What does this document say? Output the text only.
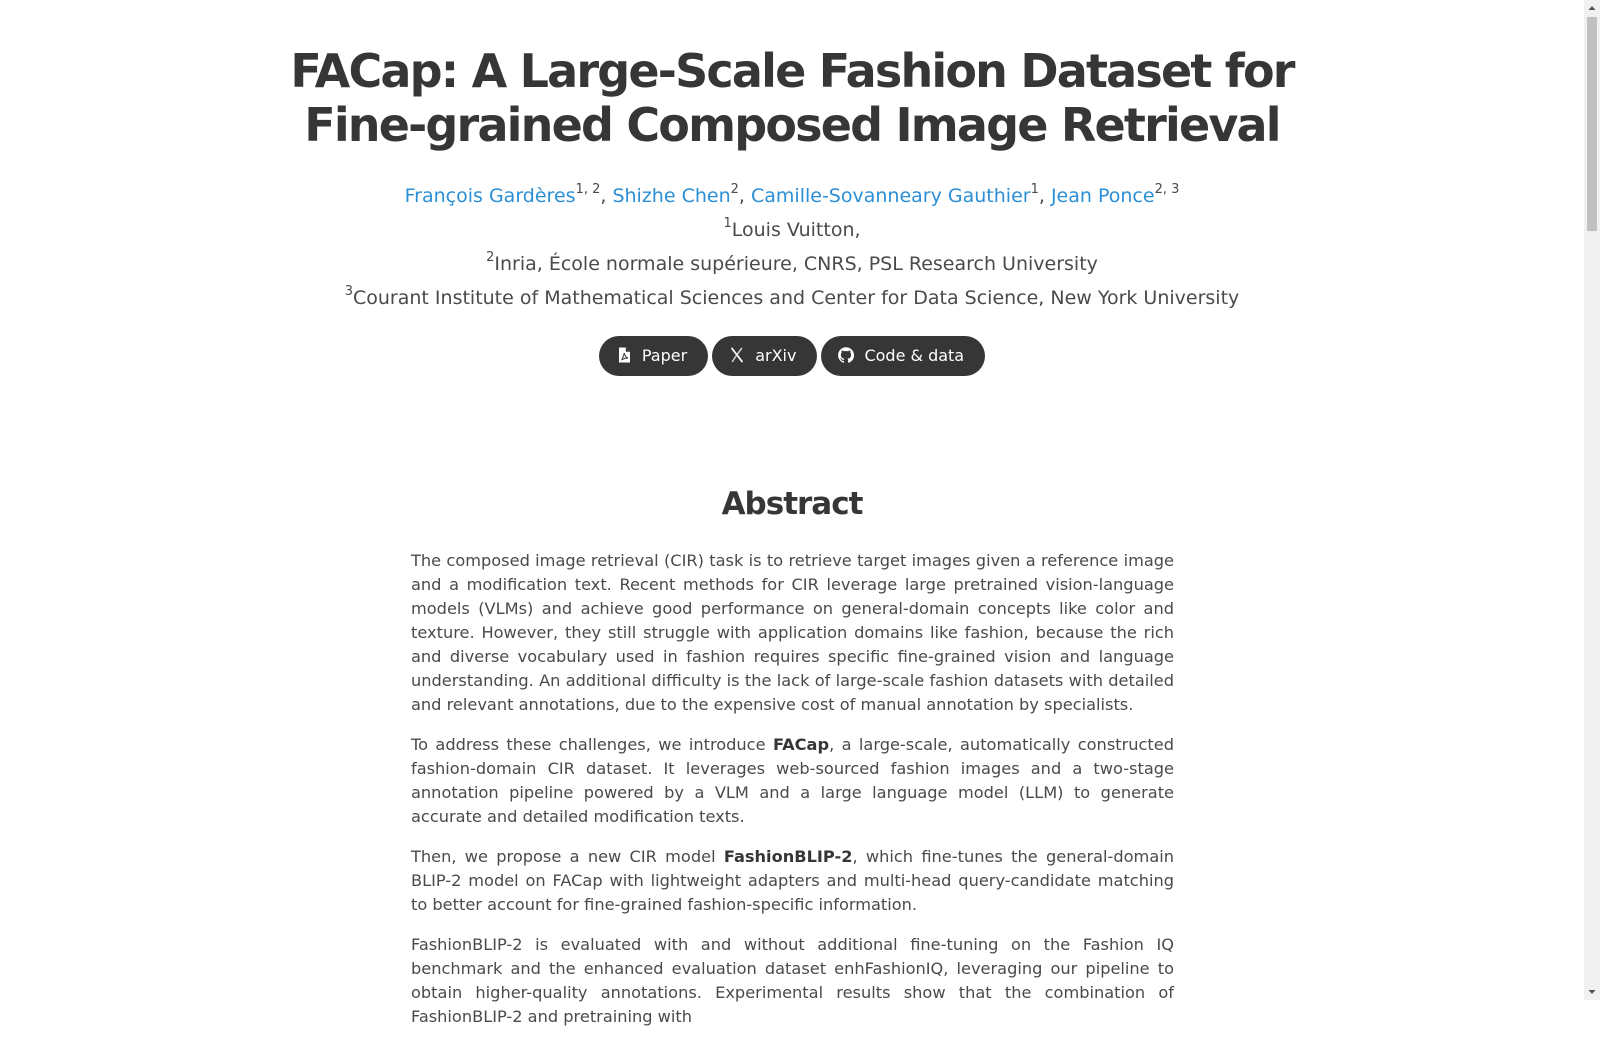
FACap: A Large-Scale Fashion Dataset for
Fine-grained Composed Image Retrieval
François Gardères$^{1, 2}$, Shizhe Chen$^2$, Camille-Sovanneary Gauthier$^1$, Jean Ponce$^{2, 3}$
$^1$Louis Vuitton,
$^2$Inria, École normale supérieure, CNRS, PSL Research University
$^3$Courant Institute of Mathematical Sciences and Center for Data Science, New York University
Paper	arXiv	Code & data
Abstract

The composed image retrieval (CIR) task is to retrieve target images given a reference image and a modification text. Recent methods for CIR leverage large pretrained vision-language models (VLMs) and achieve good performance on general-domain concepts like color and texture. However, they still struggle with application domains like fashion, because the rich and diverse vocabulary used in fashion requires specific fine-grained vision and language understanding. An additional difficulty is the lack of large-scale fashion datasets with detailed and relevant annotations, due to the expensive cost of manual annotation by specialists.

To address these challenges, we introduce FACap, a large-scale, automatically constructed fashion-domain CIR dataset. It leverages web-sourced fashion images and a two-stage annotation pipeline powered by a VLM and a large language model (LLM) to generate accurate and detailed modification texts.

Then, we propose a new CIR model FashionBLIP-2, which fine-tunes the general-domain BLIP-2 model on FACap with lightweight adapters and multi-head query-candidate matching to better account for fine-grained fashion-specific information.

FashionBLIP-2 is evaluated with and without additional fine-tuning on the Fashion IQ benchmark and the enhanced evaluation dataset enhFashionIQ, leveraging our pipeline to obtain higher-quality annotations. Experimental results show that the combination of FashionBLIP-2 and pretraining with
